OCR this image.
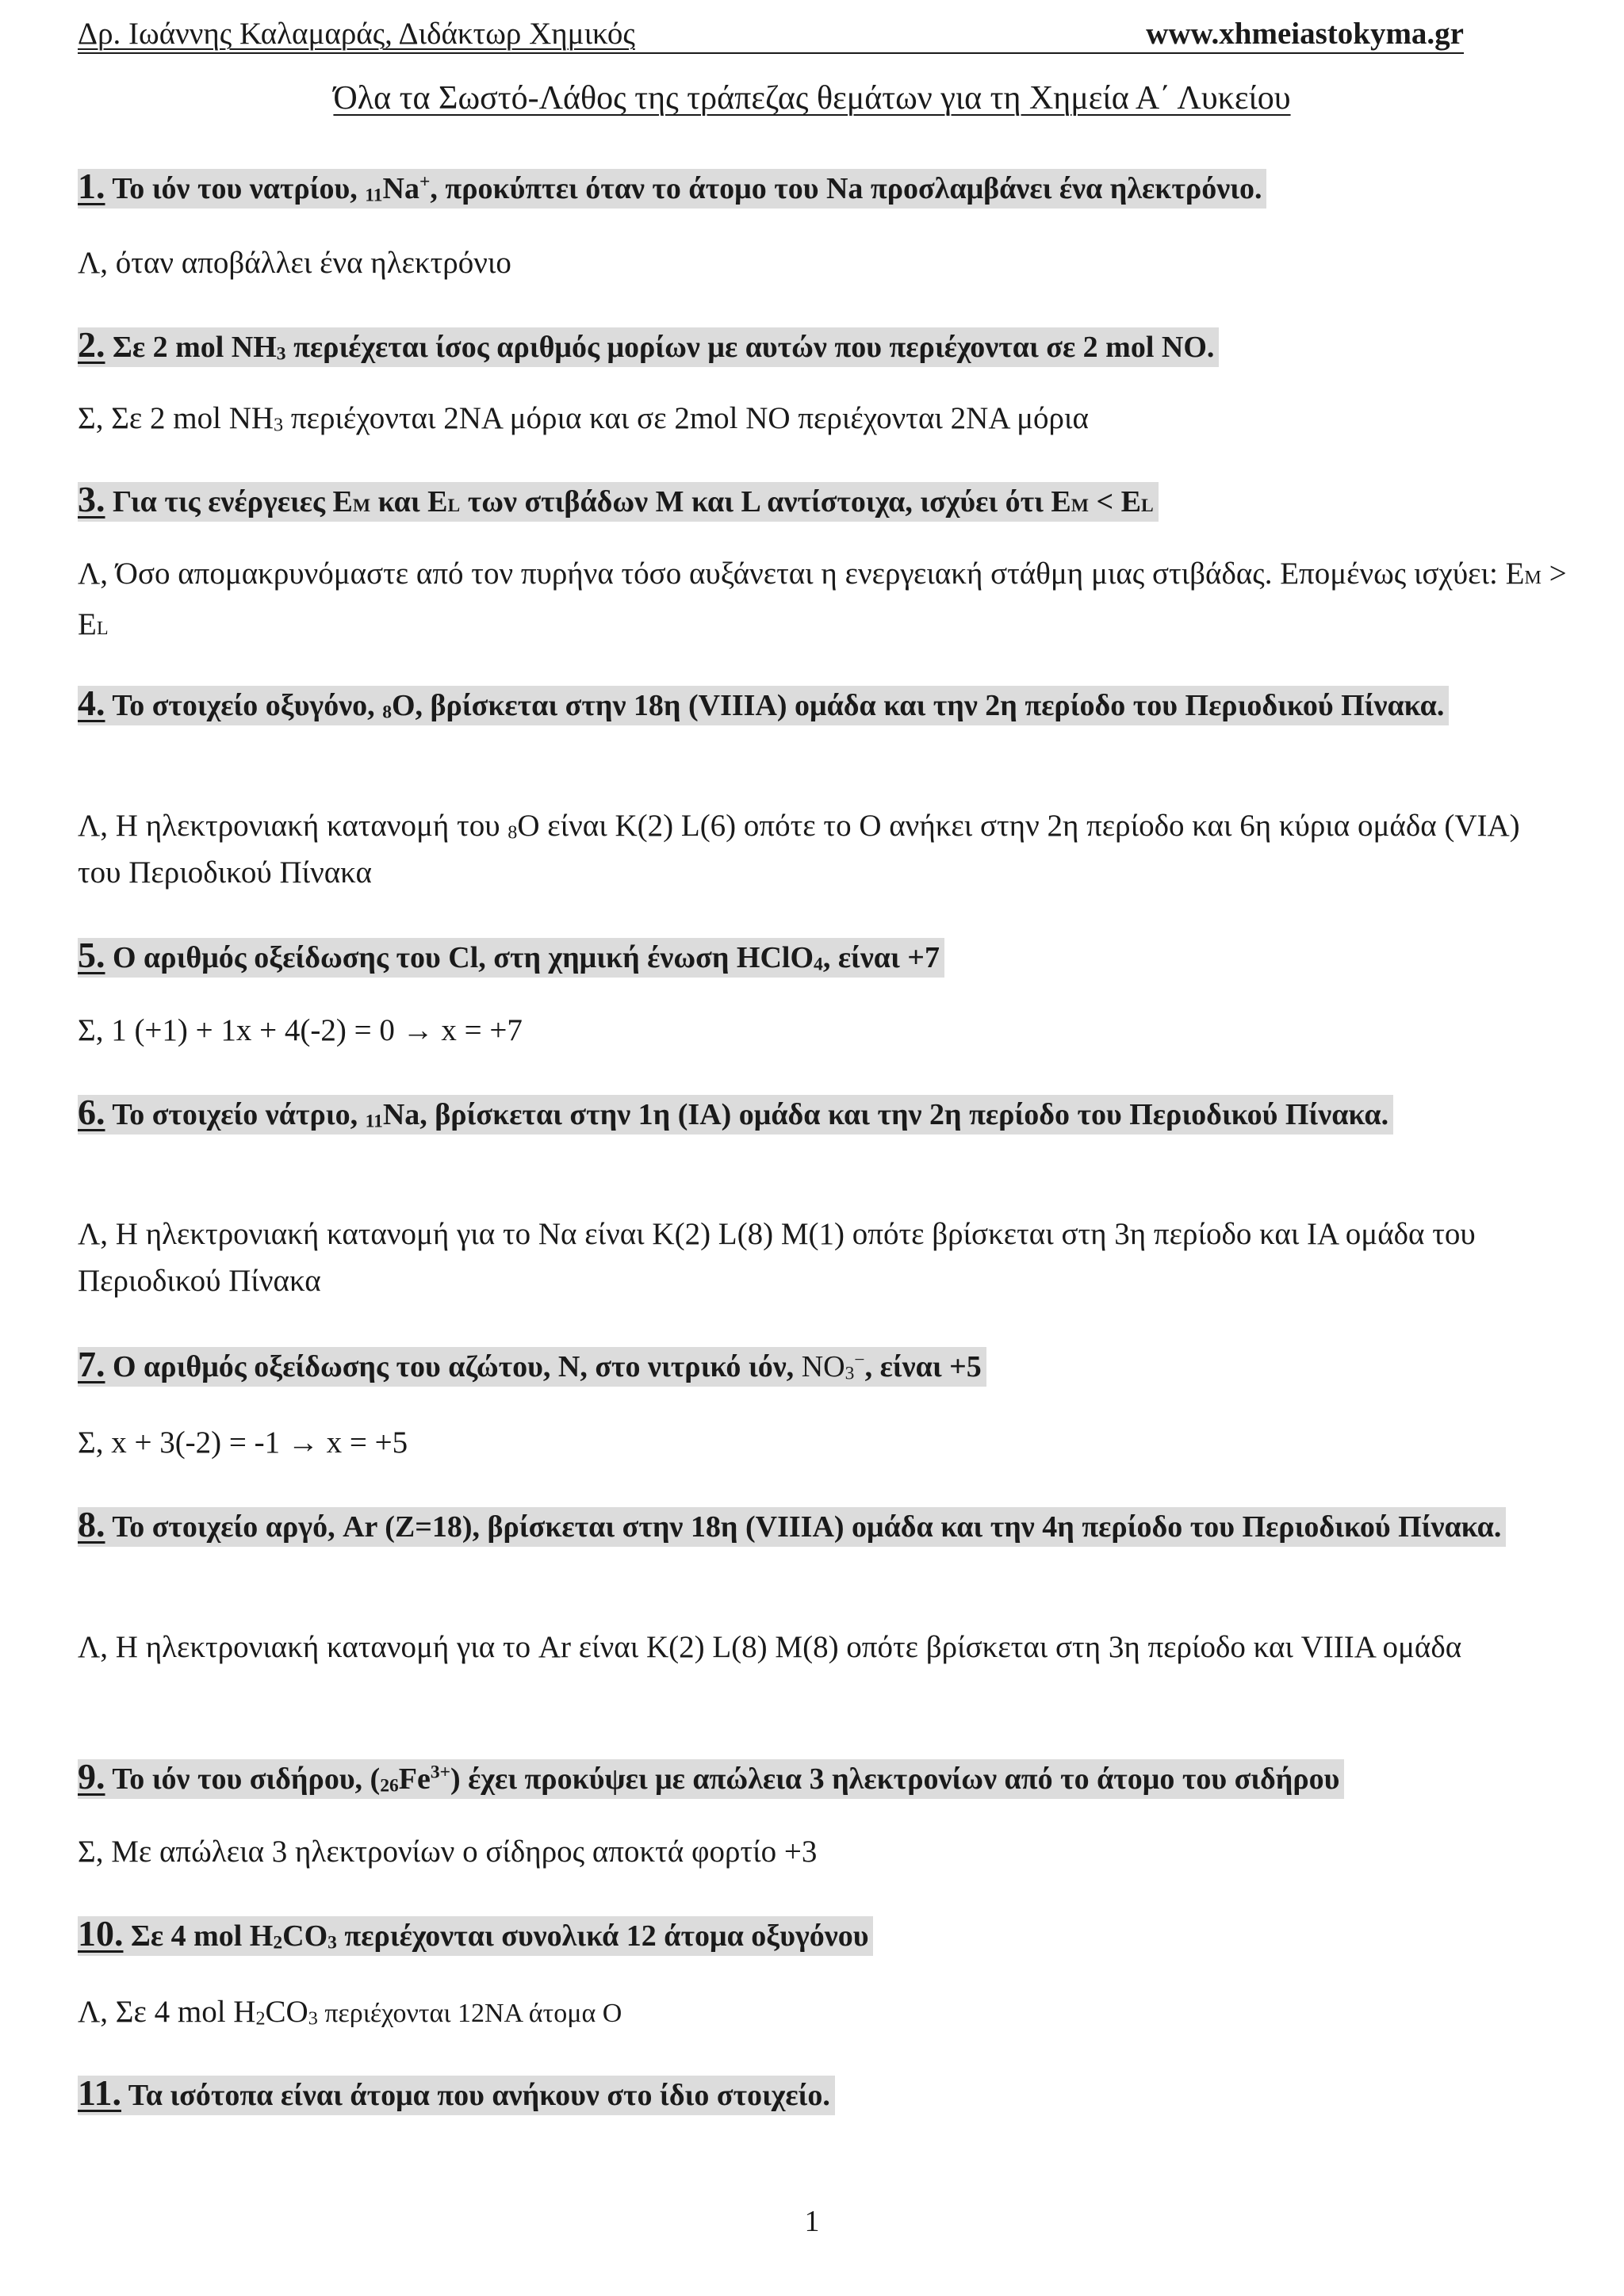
Δρ. Ιωάννης Καλαμαράς, Διδάκτωρ Χημικός	www.xhmeiastokyma.gr
Όλα τα Σωστό-Λάθος της τράπεζας θεμάτων για τη Χημεία Α΄ Λυκείου
1. Το ιόν του νατρίου, $_{11}$Na+, προκύπτει όταν το άτομο του Na προσλαμβάνει ένα ηλεκτρόνιο.
Λ, όταν αποβάλλει ένα ηλεκτρόνιο
2. Σε 2 mol $NH_3$ περιέχεται ίσος αριθμός μορίων με αυτών που περιέχονται σε 2 mol NO.
Σ, Σε 2 mol $NH_3$ περιέχονται 2NA μόρια και σε 2mol NO περιέχονται 2NA μόρια
3. Για τις ενέργειες EM και EL των στιβάδων M και L αντίστοιχα, ισχύει ότι EM < EL
Λ, Όσο απομακρυνόμαστε από τον πυρήνα τόσο αυξάνεται η ενεργειακή στάθμη μιας στιβάδας. Επομένως ισχύει: EM > EL
4. Το στοιχείο οξυγόνο, $_8$O, βρίσκεται στην 18η (VIIIA) ομάδα και την 2η περίοδο του Περιοδικού Πίνακα.
Λ, Η ηλεκτρονιακή κατανομή του $_8$O είναι K(2) L(6) οπότε το O ανήκει στην 2η περίοδο και 6η κύρια ομάδα (VIA) του Περιοδικού Πίνακα
5. Ο αριθμός οξείδωσης του Cl, στη χημική ένωση HClO$_4$, είναι +7
Σ, 1 (+1) + 1x + 4(-2) = 0 → x = +7
6. Το στοιχείο νάτριο, $_{11}$Na, βρίσκεται στην 1η (IA) ομάδα και την 2η περίοδο του Περιοδικού Πίνακα.
Λ, Η ηλεκτρονιακή κατανομή για το Να είναι K(2) L(8) M(1) οπότε βρίσκεται στη 3η περίοδο και IA ομάδα του Περιοδικού Πίνακα
7. Ο αριθμός οξείδωσης του αζώτου, N, στο νιτρικό ιόν, $NO_3^-$, είναι +5
Σ, x + 3(-2) = -1 → x = +5
8. Το στοιχείο αργό, Ar (Z=18), βρίσκεται στην 18η (VIIIA) ομάδα και την 4η περίοδο του Περιοδικού Πίνακα.
Λ, Η ηλεκτρονιακή κατανομή για το Ar είναι K(2) L(8) M(8) οπότε βρίσκεται στη 3η περίοδο και VIIIA ομάδα
9. Το ιόν του σιδήρου, $(_{26}Fe^{3+})$ έχει προκύψει με απώλεια 3 ηλεκτρονίων από το άτομο του σιδήρου
Σ, Με απώλεια 3 ηλεκτρονίων ο σίδηρος αποκτά φορτίο +3
10. Σε 4 mol $H_2CO_3$ περιέχονται συνολικά 12 άτομα οξυγόνου
Λ, Σε 4 mol $H_2CO_3$ περιέχονται 12NA άτομα O
11. Τα ισότοπα είναι άτομα που ανήκουν στο ίδιο στοιχείο.
1
